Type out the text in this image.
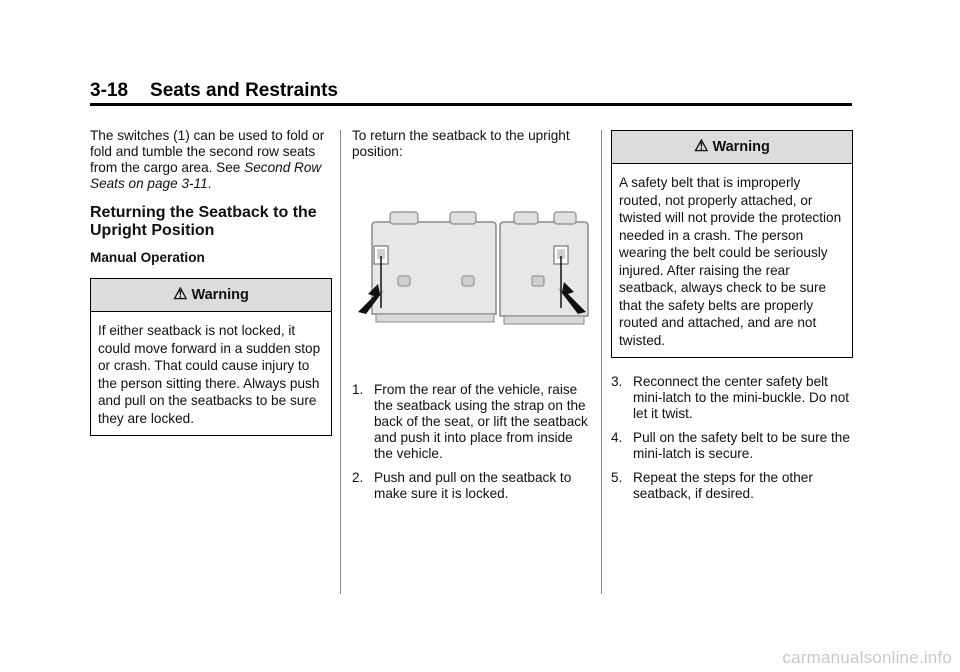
3-18 Seats and Restraints

The switches (1) can be used to fold or fold and tumble the second row seats from the cargo area. See Second Row Seats on page 3-11.

Returning the Seatback to the Upright Position
Manual Operation
⚠ Warning
If either seatback is not locked, it could move forward in a sudden stop or crash. That could cause injury to the person sitting there. Always push and pull on the seatbacks to be sure they are locked.

To return the seatback to the upright position:

1. From the rear of the vehicle, raise the seatback using the strap on the back of the seat, or lift the seatback and push it into place from inside the vehicle.
2. Push and pull on the seatback to make sure it is locked.
⚠ Warning
A safety belt that is improperly routed, not properly attached, or twisted will not provide the protection needed in a crash. The person wearing the belt could be seriously injured. After raising the rear seatback, always check to be sure that the safety belts are properly routed and attached, and are not twisted.
3. Reconnect the center safety belt mini-latch to the mini-buckle. Do not let it twist.
4. Pull on the safety belt to be sure the mini-latch is secure.
5. Repeat the steps for the other seatback, if desired.
carmanualsonline.info
